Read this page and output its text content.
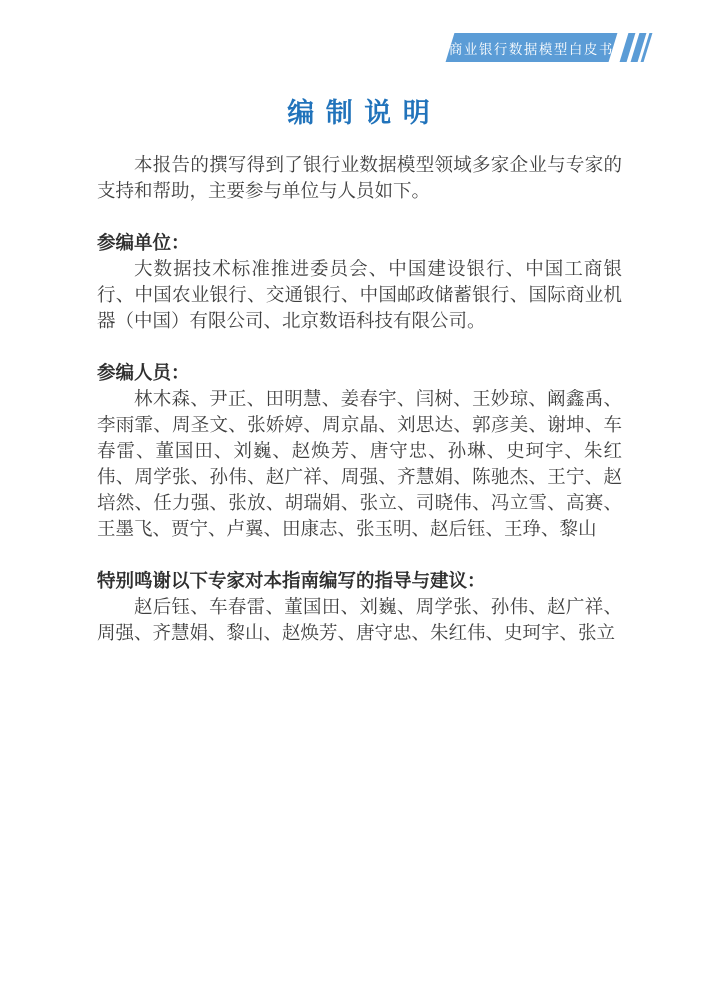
商业银行数据模型白皮书
编 制 说 明

本报告的撰写得到了银行业数据模型领域多家企业与专家的支持和帮助，主要参与单位与人员如下。

参编单位：

大数据技术标准推进委员会、中国建设银行、中国工商银行、中国农业银行、交通银行、中国邮政储蓄银行、国际商业机器（中国）有限公司、北京数语科技有限公司。

参编人员：

林木森、尹正、田明慧、姜春宇、闫树、王妙琼、阚鑫禹、李雨霏、周圣文、张娇婷、周京晶、刘思达、郭彦美、谢坤、车春雷、董国田、刘巍、赵焕芳、唐守忠、孙琳、史珂宇、朱红伟、周学张、孙伟、赵广祥、周强、齐慧娟、陈驰杰、王宁、赵培然、任力强、张放、胡瑞娟、张立、司晓伟、冯立雪、高赛、王墨飞、贾宁、卢翼、田康志、张玉明、赵后钰、王琤、黎山

特别鸣谢以下专家对本指南编写的指导与建议：

赵后钰、车春雷、董国田、刘巍、周学张、孙伟、赵广祥、周强、齐慧娟、黎山、赵焕芳、唐守忠、朱红伟、史珂宇、张立
